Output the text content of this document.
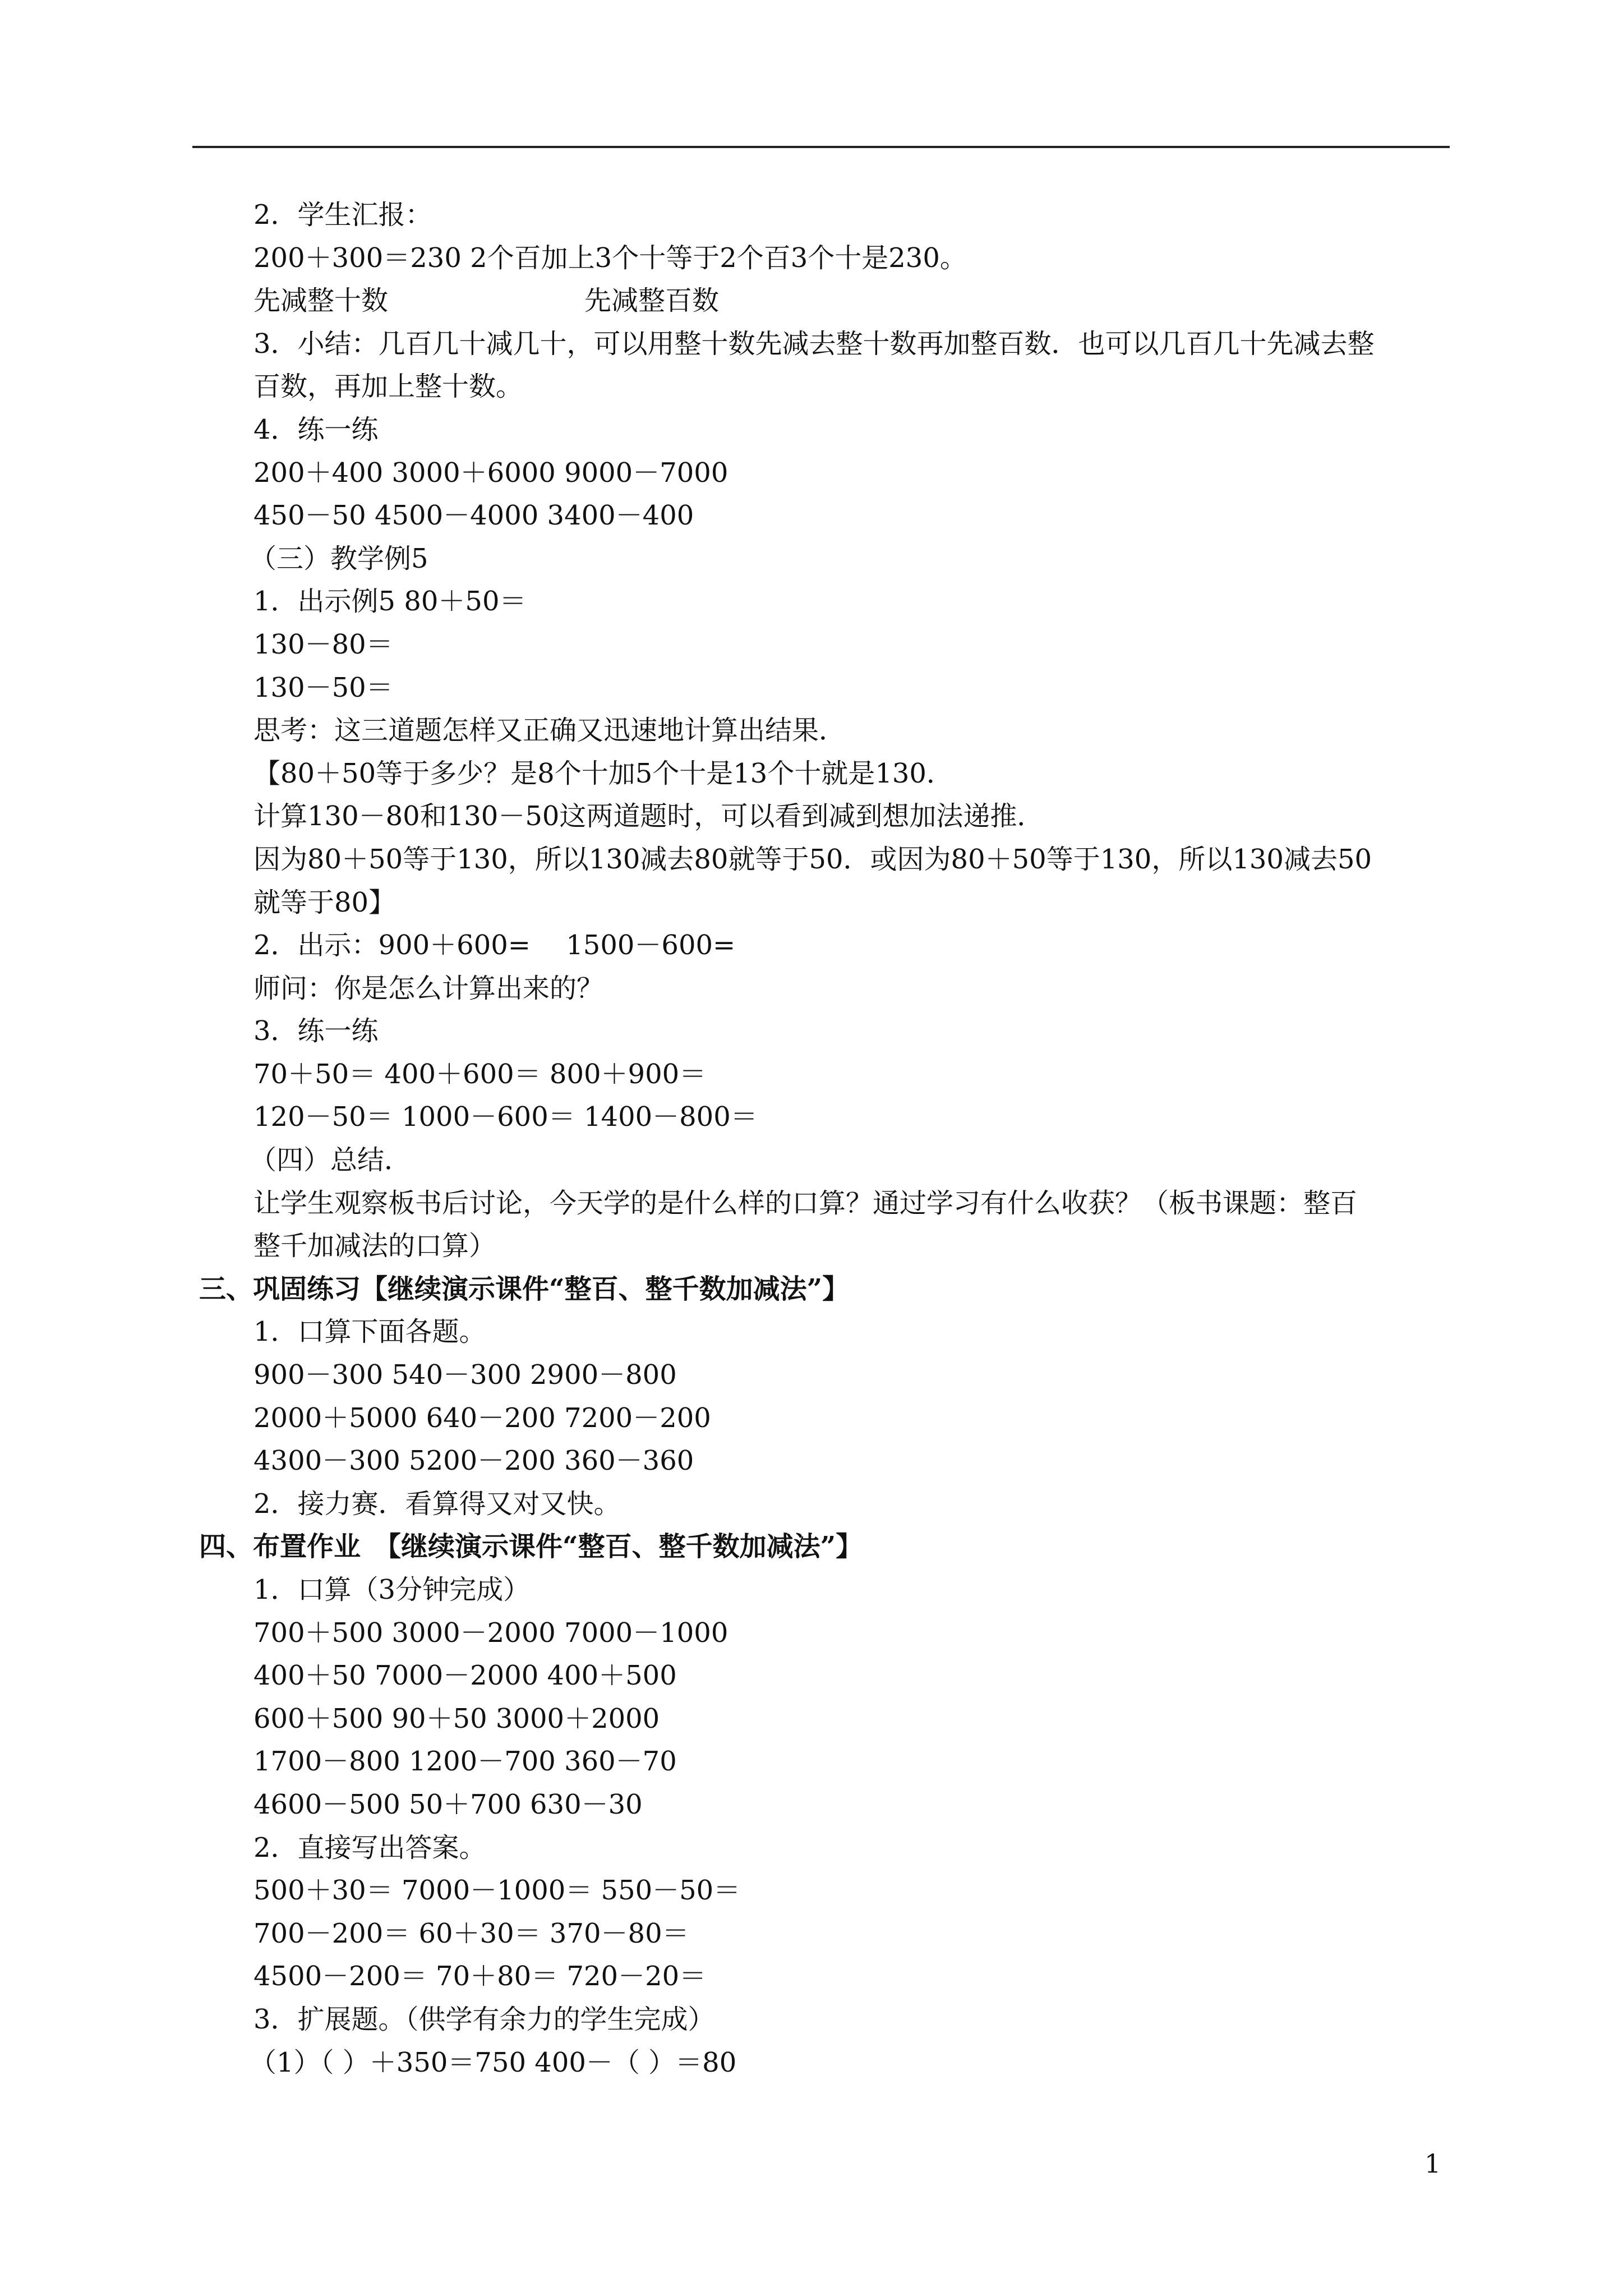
2．学生汇报：
200＋300＝230 2个百加上3个十等于2个百3个十是230。
先减整十数	先减整百数
3．小结：几百几十减几十，可以用整十数先减去整十数再加整百数．也可以几百几十先减去整
百数，再加上整十数。
4．练一练
200＋400 3000＋6000 9000－7000
450－50 4500－4000 3400－400
（三）教学例5
1．出示例5 80＋50＝
130－80＝
130－50＝
思考：这三道题怎样又正确又迅速地计算出结果．
【80＋50等于多少？是8个十加5个十是13个十就是130．
计算130－80和130－50这两道题时，可以看到减到想加法递推．
因为80＋50等于130，所以130减去80就等于50．或因为80＋50等于130，所以130减去50
就等于80】
2．出示：900＋600=　 1500－600=
师问：你是怎么计算出来的？
3．练一练
70＋50＝ 400＋600＝ 800＋900＝
120－50＝ 1000－600＝ 1400－800＝
（四）总结．
让学生观察板书后讨论，今天学的是什么样的口算？通过学习有什么收获？（板书课题：整百
整千加减法的口算）
三、巩固练习【继续演示课件“整百、整千数加减法”】
1．口算下面各题。
900－300 540－300 2900－800
2000＋5000 640－200 7200－200
4300－300 5200－200 360－360
2．接力赛．看算得又对又快。
四、布置作业　【继续演示课件“整百、整千数加减法”】
1．口算（3分钟完成）
700＋500 3000－2000 7000－1000
400＋50 7000－2000 400＋500
600＋500 90＋50 3000＋2000
1700－800 1200－700 360－70
4600－500 50＋700 630－30
2．直接写出答案。
500＋30＝ 7000－1000＝ 550－50＝
700－200＝ 60＋30＝ 370－80＝
4500－200＝ 70＋80＝ 720－20＝
3．扩展题。（供学有余力的学生完成）
（1）（ ）＋350＝750 400－（ ）＝80
1
